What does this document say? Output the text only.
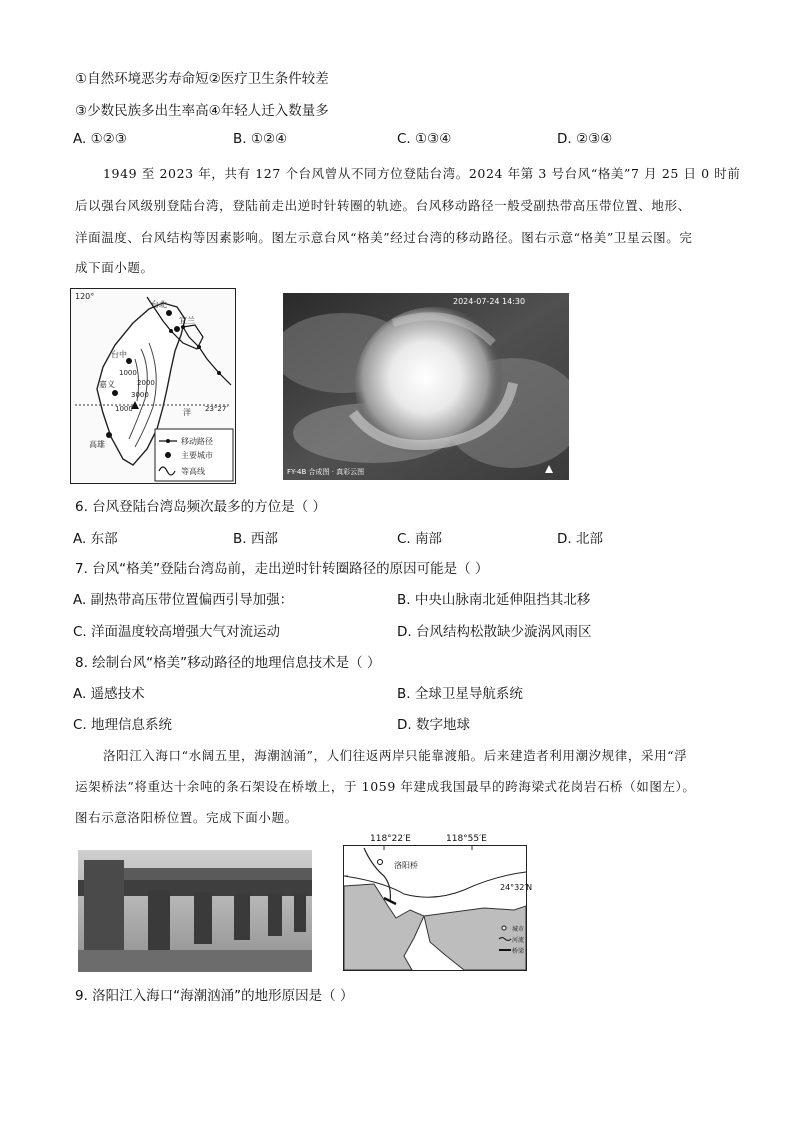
①自然环境恶劣寿命短②医疗卫生条件较差
③少数民族多出生率高④年轻人迁入数量多
A. ①②③	B. ①②④	C. ①③④	D. ②③④
1949 至 2023 年，共有 127 个台风曾从不同方位登陆台湾。2024 年第 3 号台风“格美”7 月 25 日 0 时前
后以强台风级别登陆台湾，登陆前走出逆时针转圈的轨迹。台风移动路径一般受副热带高压带位置、地形、
洋面温度、台风结构等因素影响。图左示意台风“格美”经过台湾的移动路径。图右示意“格美”卫星云图。完
成下面小题。
120°
23°27′
台北
宜兰
台中
嘉义
高雄
1000
2000
3000
1000	洋
移动路径
主要城市
等高线
2024-07-24 14:30
FY-4B 合成图 · 真彩云图
6. 台风登陆台湾岛频次最多的方位是（ ）
A. 东部	B. 西部	C. 南部	D. 北部
7. 台风“格美”登陆台湾岛前，走出逆时针转圈路径的原因可能是（ ）
A. 副热带高压带位置偏西引导加强：	B. 中央山脉南北延伸阻挡其北移
C. 洋面温度较高增强大气对流运动	D. 台风结构松散缺少漩涡风雨区
8. 绘制台风“格美”移动路径的地理信息技术是（ ）
A. 遥感技术	B. 全球卫星导航系统
C. 地理信息系统	D. 数字地球
洛阳江入海口“水阔五里，海潮汹涌”，人们往返两岸只能靠渡船。后来建造者利用潮汐规律，采用“浮
运架桥法”将重达十余吨的条石架设在桥墩上，于 1059 年建成我国最早的跨海梁式花岗岩石桥（如图左）。
图右示意洛阳桥位置。完成下面小题。
洛阳桥
城市
河流
桥梁
118°22′E	118°55′E
24°32′N
9. 洛阳江入海口“海潮汹涌”的地形原因是（ ）
